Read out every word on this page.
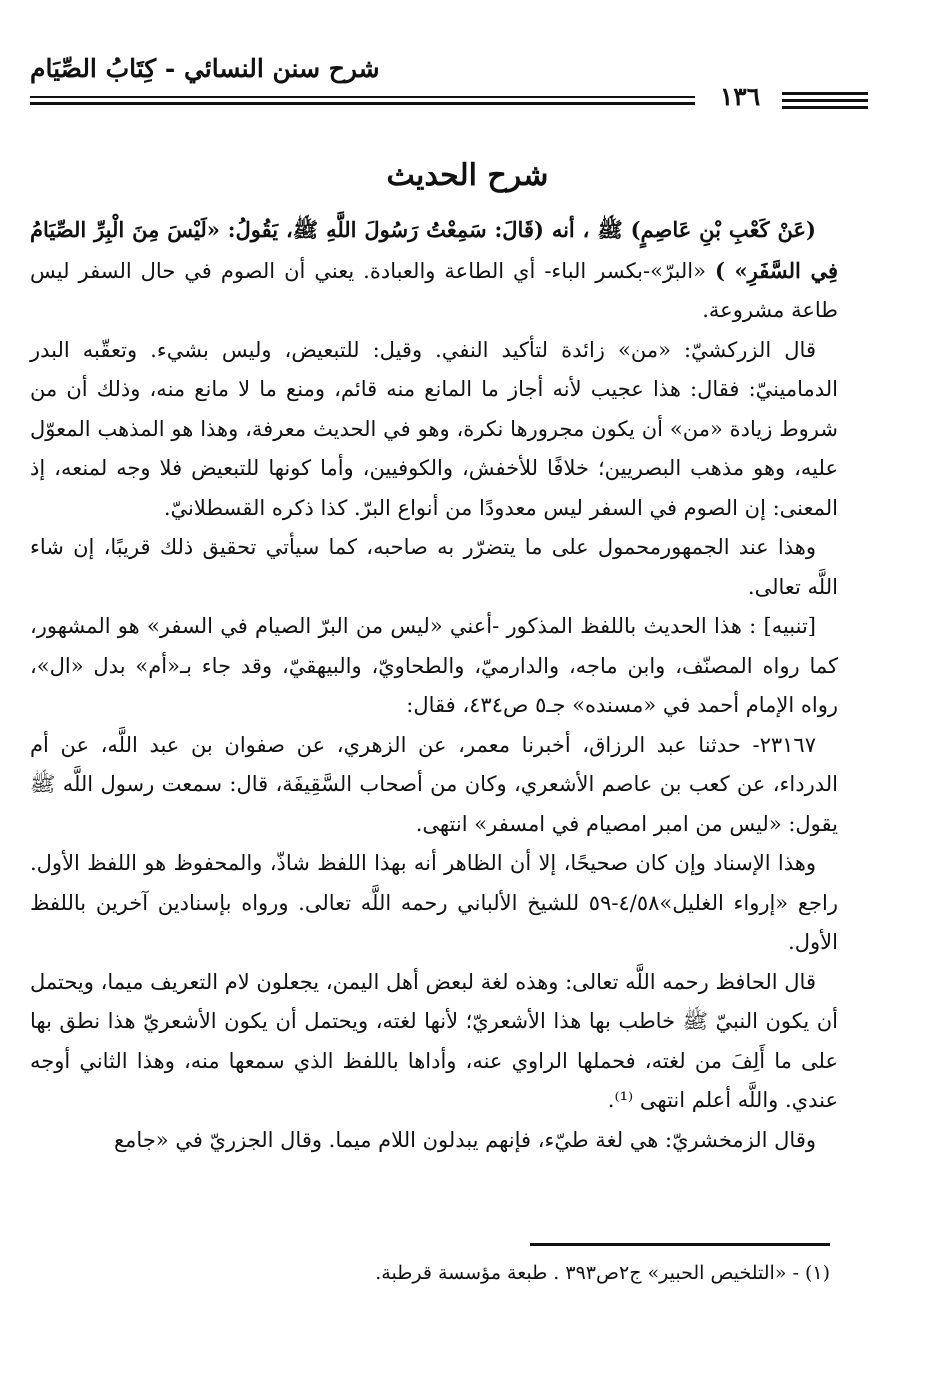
شرح سنن النسائي - كِتَابُ الصِّيَام
١٣٦
شرح الحديث

(عَنْ كَعْبِ بْنِ عَاصِمٍ) ﷺ ، أنه (قَالَ: سَمِعْتُ رَسُولَ اللَّهِ ﷺ، يَقُولُ: «لَيْسَ مِنَ الْبِرِّ الصِّيَامُ فِي السَّفَرِ» ) «البرّ»-بكسر الباء- أي الطاعة والعبادة. يعني أن الصوم في حال السفر ليس طاعة مشروعة.

قال الزركشيّ: «من» زائدة لتأكيد النفي. وقيل: للتبعيض، وليس بشيء. وتعقّبه البدر الدمامينيّ: فقال: هذا عجيب لأنه أجاز ما المانع منه قائم، ومنع ما لا مانع منه، وذلك أن من شروط زيادة «من» أن يكون مجرورها نكرة، وهو في الحديث معرفة، وهذا هو المذهب المعوّل عليه، وهو مذهب البصريين؛ خلافًا للأخفش، والكوفيين، وأما كونها للتبعيض فلا وجه لمنعه، إذ المعنى: إن الصوم في السفر ليس معدودًا من أنواع البرّ. كذا ذكره القسطلانيّ.

وهذا عند الجمهورمحمول على ما يتضرّر به صاحبه، كما سيأتي تحقيق ذلك قريبًا، إن شاء اللَّه تعالى.

[تنبيه] : هذا الحديث باللفظ المذكور -أعني «ليس من البرّ الصيام في السفر» هو المشهور، كما رواه المصنّف، وابن ماجه، والدارميّ، والطحاويّ، والبيهقيّ، وقد جاء بـ«أم» بدل «ال»، رواه الإمام أحمد في «مسنده» جـ٥ ص٤٣٤، فقال:

٢٣١٦٧- حدثنا عبد الرزاق، أخبرنا معمر، عن الزهري، عن صفوان بن عبد اللَّه، عن أم الدرداء، عن كعب بن عاصم الأشعري، وكان من أصحاب السَّقِيفَة، قال: سمعت رسول اللَّه ﷺ يقول: «ليس من امبر امصيام في امسفر» انتهى.

وهذا الإسناد وإن كان صحيحًا، إلا أن الظاهر أنه بهذا اللفظ شاذّ، والمحفوظ هو اللفظ الأول. راجع «إرواء الغليل»٤/٥٨-٥٩ للشيخ الألباني رحمه اللَّه تعالى. ورواه بإسنادين آخرين باللفظ الأول.

قال الحافظ رحمه اللَّه تعالى: وهذه لغة لبعض أهل اليمن، يجعلون لام التعريف ميما، ويحتمل أن يكون النبيّ ﷺ خاطب بها هذا الأشعريّ؛ لأنها لغته، ويحتمل أن يكون الأشعريّ هذا نطق بها على ما أَلِفَ من لغته، فحملها الراوي عنه، وأداها باللفظ الذي سمعها منه، وهذا الثاني أوجه عندي. واللَّه أعلم انتهى ⁽¹⁾.

وقال الزمخشريّ: هي لغة طيّء، فإنهم يبدلون اللام ميما. وقال الجزريّ في «جامع

(١) - «التلخيص الحبير» ج٢ص٣٩٣ . طبعة مؤسسة قرطبة.
